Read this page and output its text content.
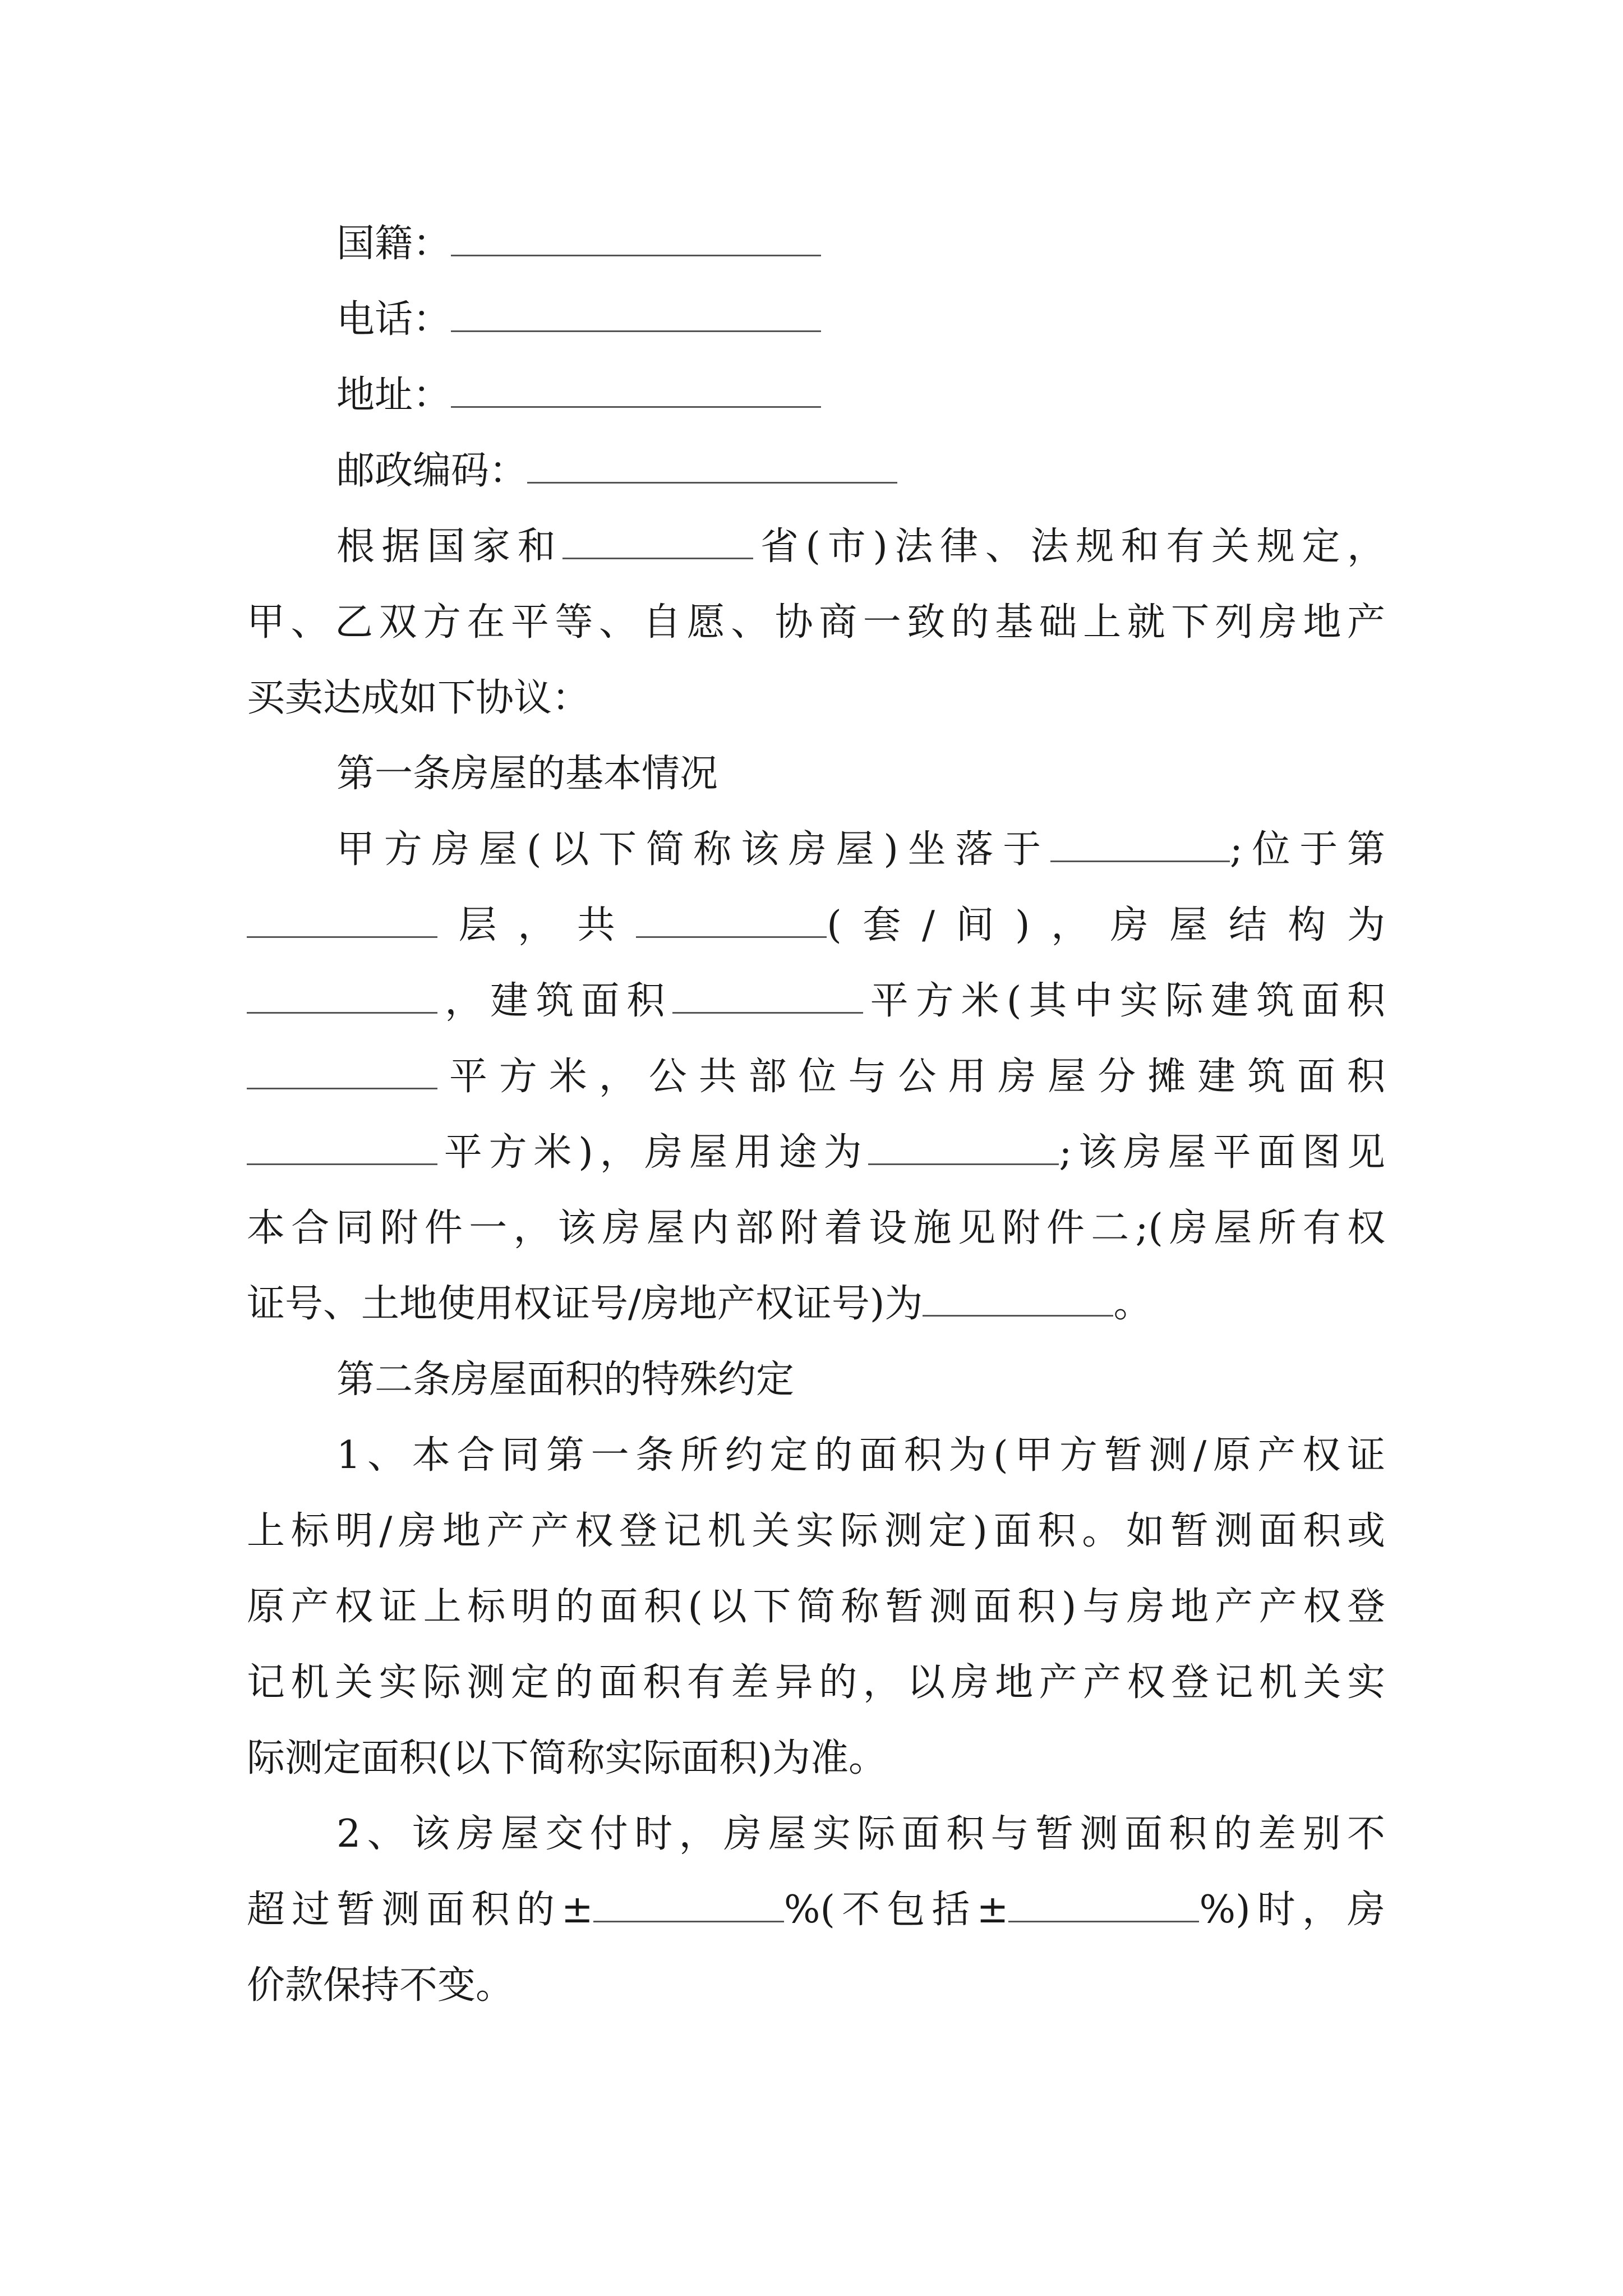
国籍：
电话：
地址：
邮政编码：
根据国家和	省(市)法律、法规和有关规定，
甲、乙双方在平等、自愿、协商一致的基础上就下列房地产
买卖达成如下协议：
第一条房屋的基本情况
甲方房屋(以下简称该房屋)坐落于	;位于第
层，共	(套/间)，房屋结构为
，建筑面积	平方米(其中实际建筑面积
平方米，公共部位与公用房屋分摊建筑面积
平方米)，房屋用途为	;该房屋平面图见
本合同附件一，该房屋内部附着设施见附件二;(房屋所有权
证号、土地使用权证号/房地产权证号)为	。
第二条房屋面积的特殊约定
1、本合同第一条所约定的面积为(甲方暂测/原产权证
上标明/房地产产权登记机关实际测定)面积。如暂测面积或
原产权证上标明的面积(以下简称暂测面积)与房地产产权登
记机关实际测定的面积有差异的，以房地产产权登记机关实
际测定面积(以下简称实际面积)为准。
2、该房屋交付时，房屋实际面积与暂测面积的差别不
超过暂测面积的±	%(不包括±	%)时，房
价款保持不变。
